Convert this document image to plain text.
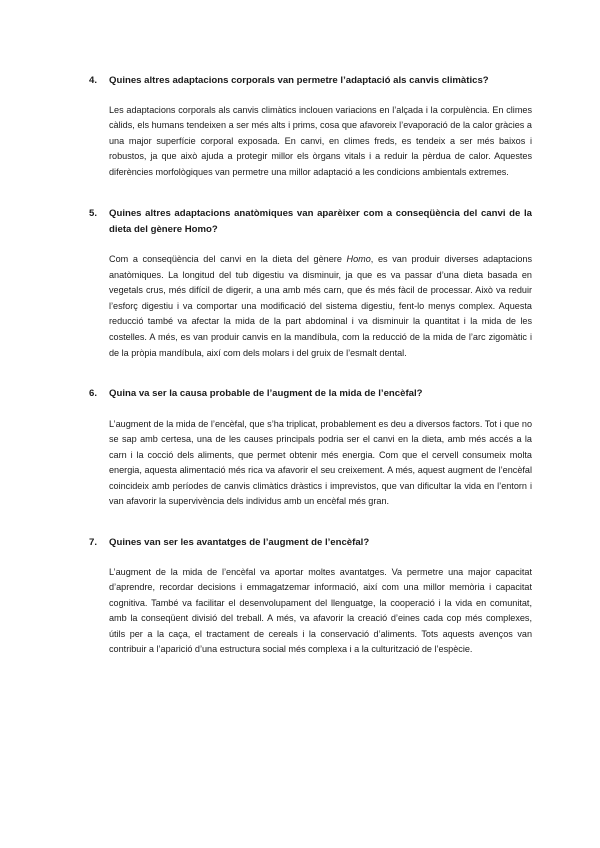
4. Quines altres adaptacions corporals van permetre l’adaptació als canvis climàtics?

Les adaptacions corporals als canvis climàtics inclouen variacions en l’alçada i la corpulència. En climes càlids, els humans tendeixen a ser més alts i prims, cosa que afavoreix l’evaporació de la calor gràcies a una major superfície corporal exposada. En canvi, en climes freds, es tendeix a ser més baixos i robustos, ja que això ajuda a protegir millor els òrgans vitals i a reduir la pèrdua de calor. Aquestes diferències morfològiques van permetre una millor adaptació a les condicions ambientals extremes.

5. Quines altres adaptacions anatòmiques van aparèixer com a conseqüència del canvi de la dieta del gènere Homo?

Com a conseqüència del canvi en la dieta del gènere Homo, es van produir diverses adaptacions anatòmiques. La longitud del tub digestiu va disminuir, ja que es va passar d’una dieta basada en vegetals crus, més difícil de digerir, a una amb més carn, que és més fàcil de processar. Això va reduir l’esforç digestiu i va comportar una modificació del sistema digestiu, fent-lo menys complex. Aquesta reducció també va afectar la mida de la part abdominal i va disminuir la quantitat i la mida de les costelles. A més, es van produir canvis en la mandíbula, com la reducció de la mida de l’arc zigomàtic i de la pròpia mandíbula, així com dels molars i del gruix de l’esmalt dental.

6. Quina va ser la causa probable de l’augment de la mida de l’encèfal?

L’augment de la mida de l’encèfal, que s’ha triplicat, probablement es deu a diversos factors. Tot i que no se sap amb certesa, una de les causes principals podria ser el canvi en la dieta, amb més accés a la carn i la cocció dels aliments, que permet obtenir més energia. Com que el cervell consumeix molta energia, aquesta alimentació més rica va afavorir el seu creixement. A més, aquest augment de l’encèfal coincideix amb períodes de canvis climàtics dràstics i imprevistos, que van dificultar la vida en l’entorn i van afavorir la supervivència dels individus amb un encèfal més gran.

7. Quines van ser les avantatges de l’augment de l’encèfal?

L’augment de la mida de l’encèfal va aportar moltes avantatges. Va permetre una major capacitat d’aprendre, recordar decisions i emmagatzemar informació, així com una millor memòria i capacitat cognitiva. També va facilitar el desenvolupament del llenguatge, la cooperació i la vida en comunitat, amb la conseqüent divisió del treball. A més, va afavorir la creació d’eines cada cop més complexes, útils per a la caça, el tractament de cereals i la conservació d’aliments. Tots aquests avenços van contribuir a l’aparició d’una estructura social més complexa i a la culturització de l’espècie.
